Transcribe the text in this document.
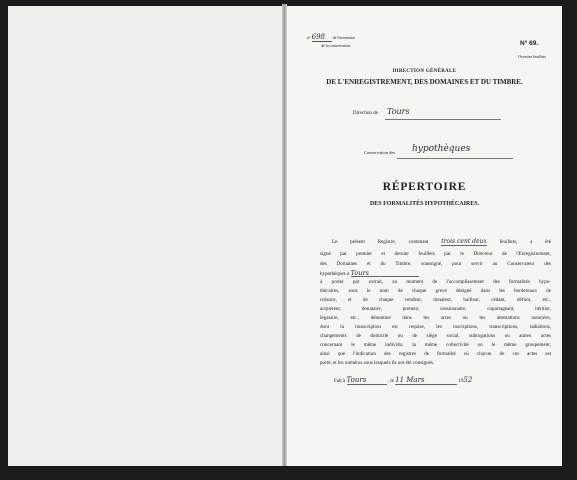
n° 698 de l'inventaire
de la conservation.	N° 69.
Oversize feuillets
DIRECTION GÉNÉRALE
DE L'ENREGISTREMENT, DES DOMAINES ET DU TIMBRE.
Direction de Tours
Conservation des hypothèques
RÉPERTOIRE
DES FORMALITÉS HYPOTHÉCAIRES.
Le présent Registre, contenant trois cent deux	feuillets, a été
signé par premier et dernier feuillets par le Directeur de l'Enregistrement,
des Domaines et du Timbre, soussigné, pour servir au Conservateur des
hypothèques à Tours
à porter par extrait, au moment de l'accomplissement des formalités hypo-
thécaires, sous le nom de chaque grevé désigné dans les bordereaux de
créance, et de chaque vendeur, donateur, bailleur, cédant, défunt, etc.,
acquéreur, donataire, preneur, cessionnaire, copartageant, héritier,
légataire, etc., dénommé dans les actes ou les attestations notariées,
dont la transcription est requise, les inscriptions, transcriptions, radiations,
changements de domicile ou de siège social, subrogations ou autres actes
concernant le même individu, la même collectivité ou le même groupement,
ainsi que l'indication des registres de formalité où chacun de ces actes est
porté, et les numéros sous lesquels ils ont été consignés.
Fait à Tours	, le 11 Mars	1952
